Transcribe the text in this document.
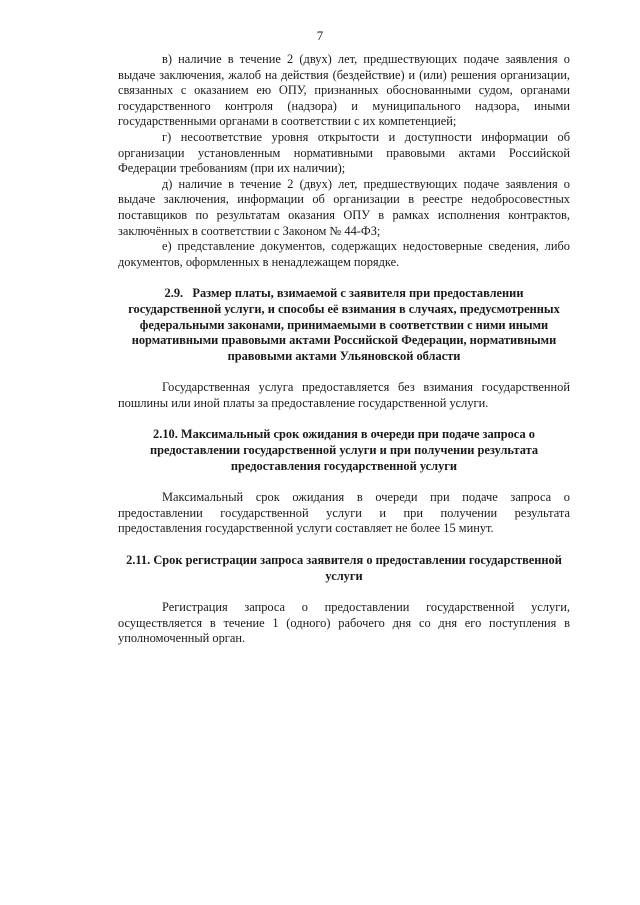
7

в) наличие в течение 2 (двух) лет, предшествующих подаче заявления о выдаче заключения, жалоб на действия (бездействие) и (или) решения организации, связанных с оказанием ею ОПУ, признанных обоснованными судом, органами государственного контроля (надзора) и муниципального надзора, иными государственными органами в соответствии с их компетенцией;

г) несоответствие уровня открытости и доступности информации об организации установленным нормативными правовыми актами Российской Федерации требованиям (при их наличии);

д) наличие в течение 2 (двух) лет, предшествующих подаче заявления о выдаче заключения, информации об организации в реестре недобросовестных поставщиков по результатам оказания ОПУ в рамках исполнения контрактов, заключённых в соответствии с Законом № 44-ФЗ;

е) представление документов, содержащих недостоверные сведения, либо документов, оформленных в ненадлежащем порядке.

2.9.   Размер платы, взимаемой с заявителя при предоставлении государственной услуги, и способы её взимания в случаях, предусмотренных федеральными законами, принимаемыми в соответствии с ними иными нормативными правовыми актами Российской Федерации, нормативными правовыми актами Ульяновской области

Государственная услуга предоставляется без взимания государственной пошлины или иной платы за предоставление государственной услуги.

2.10. Максимальный срок ожидания в очереди при подаче запроса о предоставлении государственной услуги и при получении результата предоставления государственной услуги

Максимальный срок ожидания в очереди при подаче запроса о предоставлении государственной услуги и при получении результата предоставления государственной услуги составляет не более 15 минут.

2.11. Срок регистрации запроса заявителя о предоставлении государственной услуги

Регистрация запроса о предоставлении государственной услуги, осуществляется в течение 1 (одного) рабочего дня со дня его поступления в уполномоченный орган.
